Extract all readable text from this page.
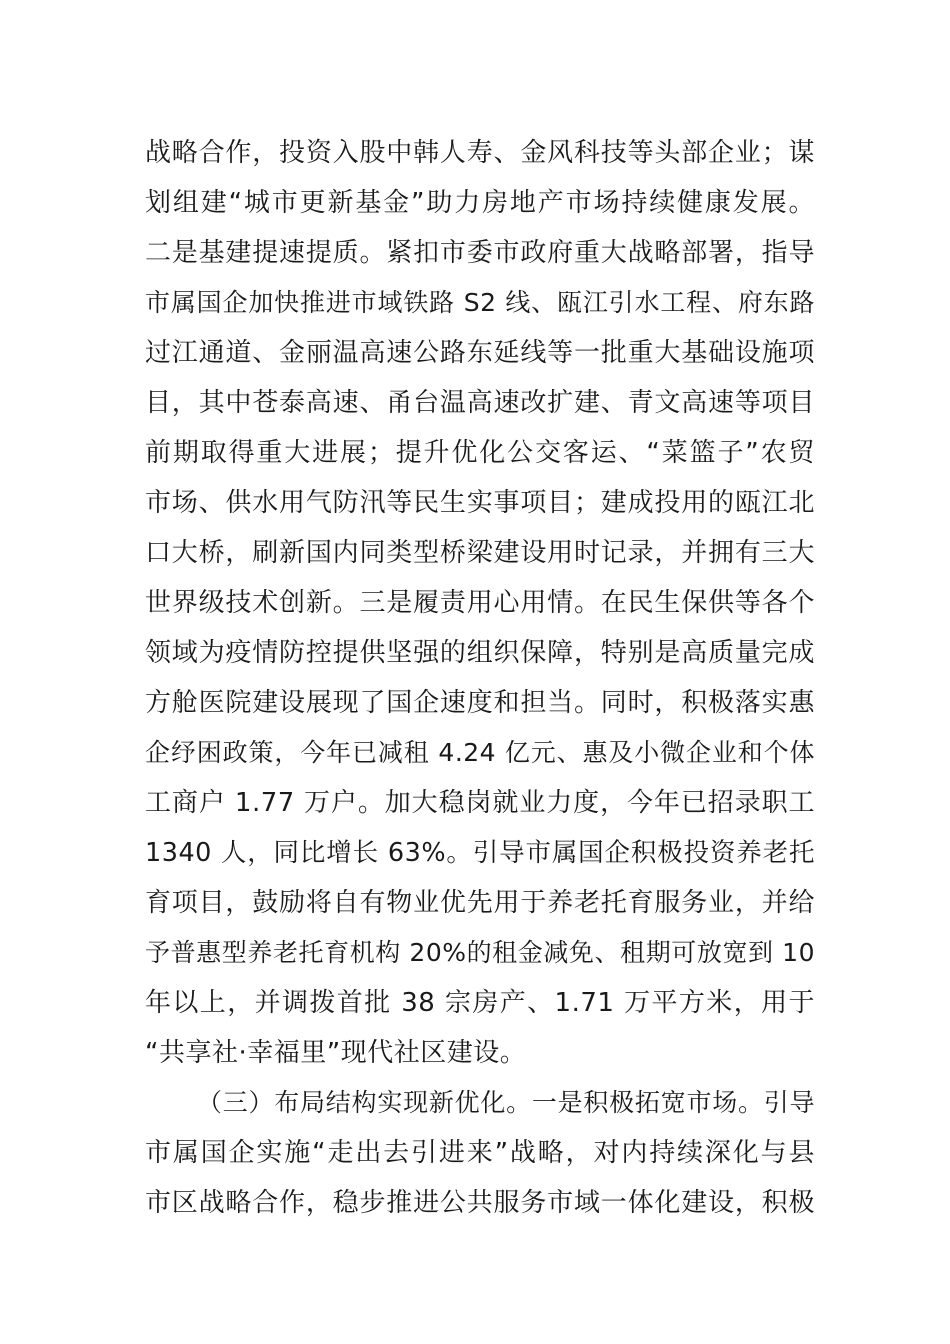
战略合作，投资入股中韩人寿、金风科技等头部企业；谋
划组建“城市更新基金”助力房地产市场持续健康发展。
二是基建提速提质。紧扣市委市政府重大战略部署，指导
市属国企加快推进市域铁路 S2 线、瓯江引水工程、府东路
过江通道、金丽温高速公路东延线等一批重大基础设施项
目，其中苍泰高速、甬台温高速改扩建、青文高速等项目
前期取得重大进展；提升优化公交客运、“菜篮子”农贸
市场、供水用气防汛等民生实事项目；建成投用的瓯江北
口大桥，刷新国内同类型桥梁建设用时记录，并拥有三大
世界级技术创新。三是履责用心用情。在民生保供等各个
领域为疫情防控提供坚强的组织保障，特别是高质量完成
方舱医院建设展现了国企速度和担当。同时，积极落实惠
企纾困政策，今年已减租 4.24 亿元、惠及小微企业和个体
工商户 1.77 万户。加大稳岗就业力度，今年已招录职工
1340 人，同比增长 63%。引导市属国企积极投资养老托
育项目，鼓励将自有物业优先用于养老托育服务业，并给
予普惠型养老托育机构 20%的租金减免、租期可放宽到 10
年以上，并调拨首批 38 宗房产、1.71 万平方米，用于
“共享社·幸福里”现代社区建设。
（三）布局结构实现新优化。一是积极拓宽市场。引导
市属国企实施“走出去引进来”战略，对内持续深化与县
市区战略合作，稳步推进公共服务市域一体化建设，积极
